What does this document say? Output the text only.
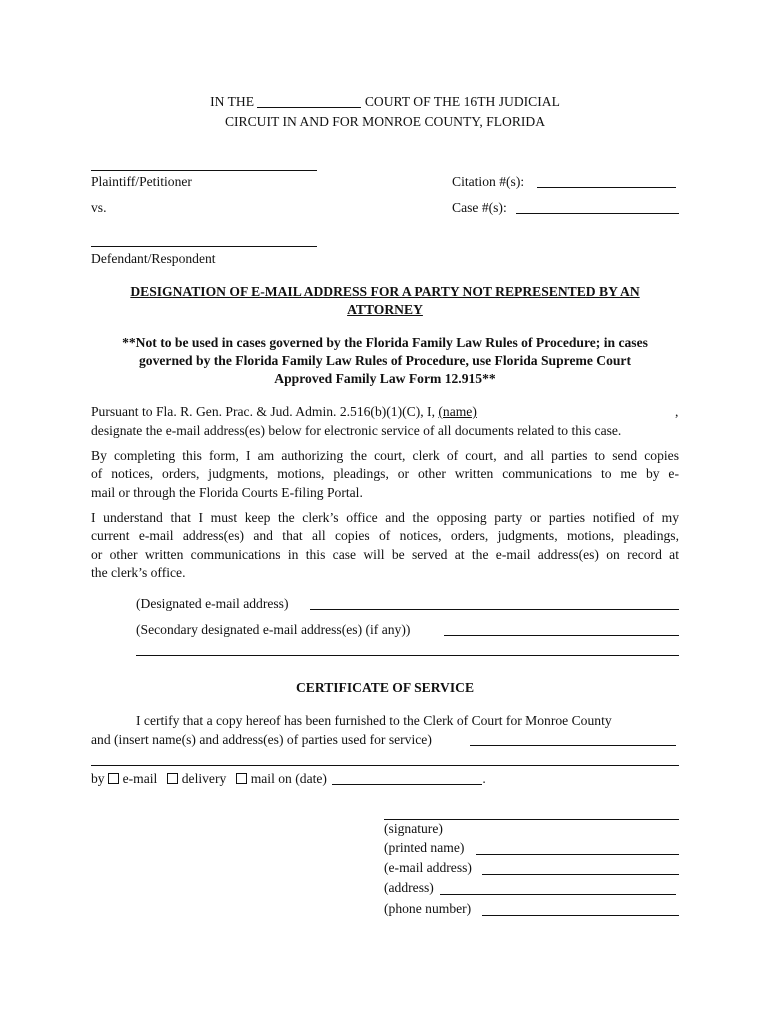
IN THE	COURT OF THE 16TH JUDICIAL
CIRCUIT IN AND FOR MONROE COUNTY, FLORIDA
Plaintiff/Petitioner
vs.
Defendant/Respondent
Citation #(s):
Case #(s):
DESIGNATION OF E-MAIL ADDRESS FOR A PARTY NOT REPRESENTED BY AN
ATTORNEY
**Not to be used in cases governed by the Florida Family Law Rules of Procedure; in cases
governed by the Florida Family Law Rules of Procedure, use Florida Supreme Court
Approved Family Law Form 12.915**
Pursuant to Fla. R. Gen. Prac. & Jud. Admin. 2.516(b)(1)(C), I, (name)	,
designate the e-mail address(es) below for electronic service of all documents related to this case.
By completing this form, I am authorizing the court, clerk of court, and all parties to send copies
of notices, orders, judgments, motions, pleadings, or other written communications to me by e-
mail or through the Florida Courts E-filing Portal.
I understand that I must keep the clerk’s office and the opposing party or parties notified of my
current e-mail address(es) and that all copies of notices, orders, judgments, motions, pleadings,
or other written communications in this case will be served at the e-mail address(es) on record at
the clerk’s office.
(Designated e-mail address)
(Secondary designated e-mail address(es) (if any))
CERTIFICATE OF SERVICE
I certify that a copy hereof has been furnished to the Clerk of Court for Monroe County
and (insert name(s) and address(es) of parties used for service)
by e-mail delivery mail on (date)	.
(signature)
(printed name)
(e-mail address)
(address)
(phone number)
